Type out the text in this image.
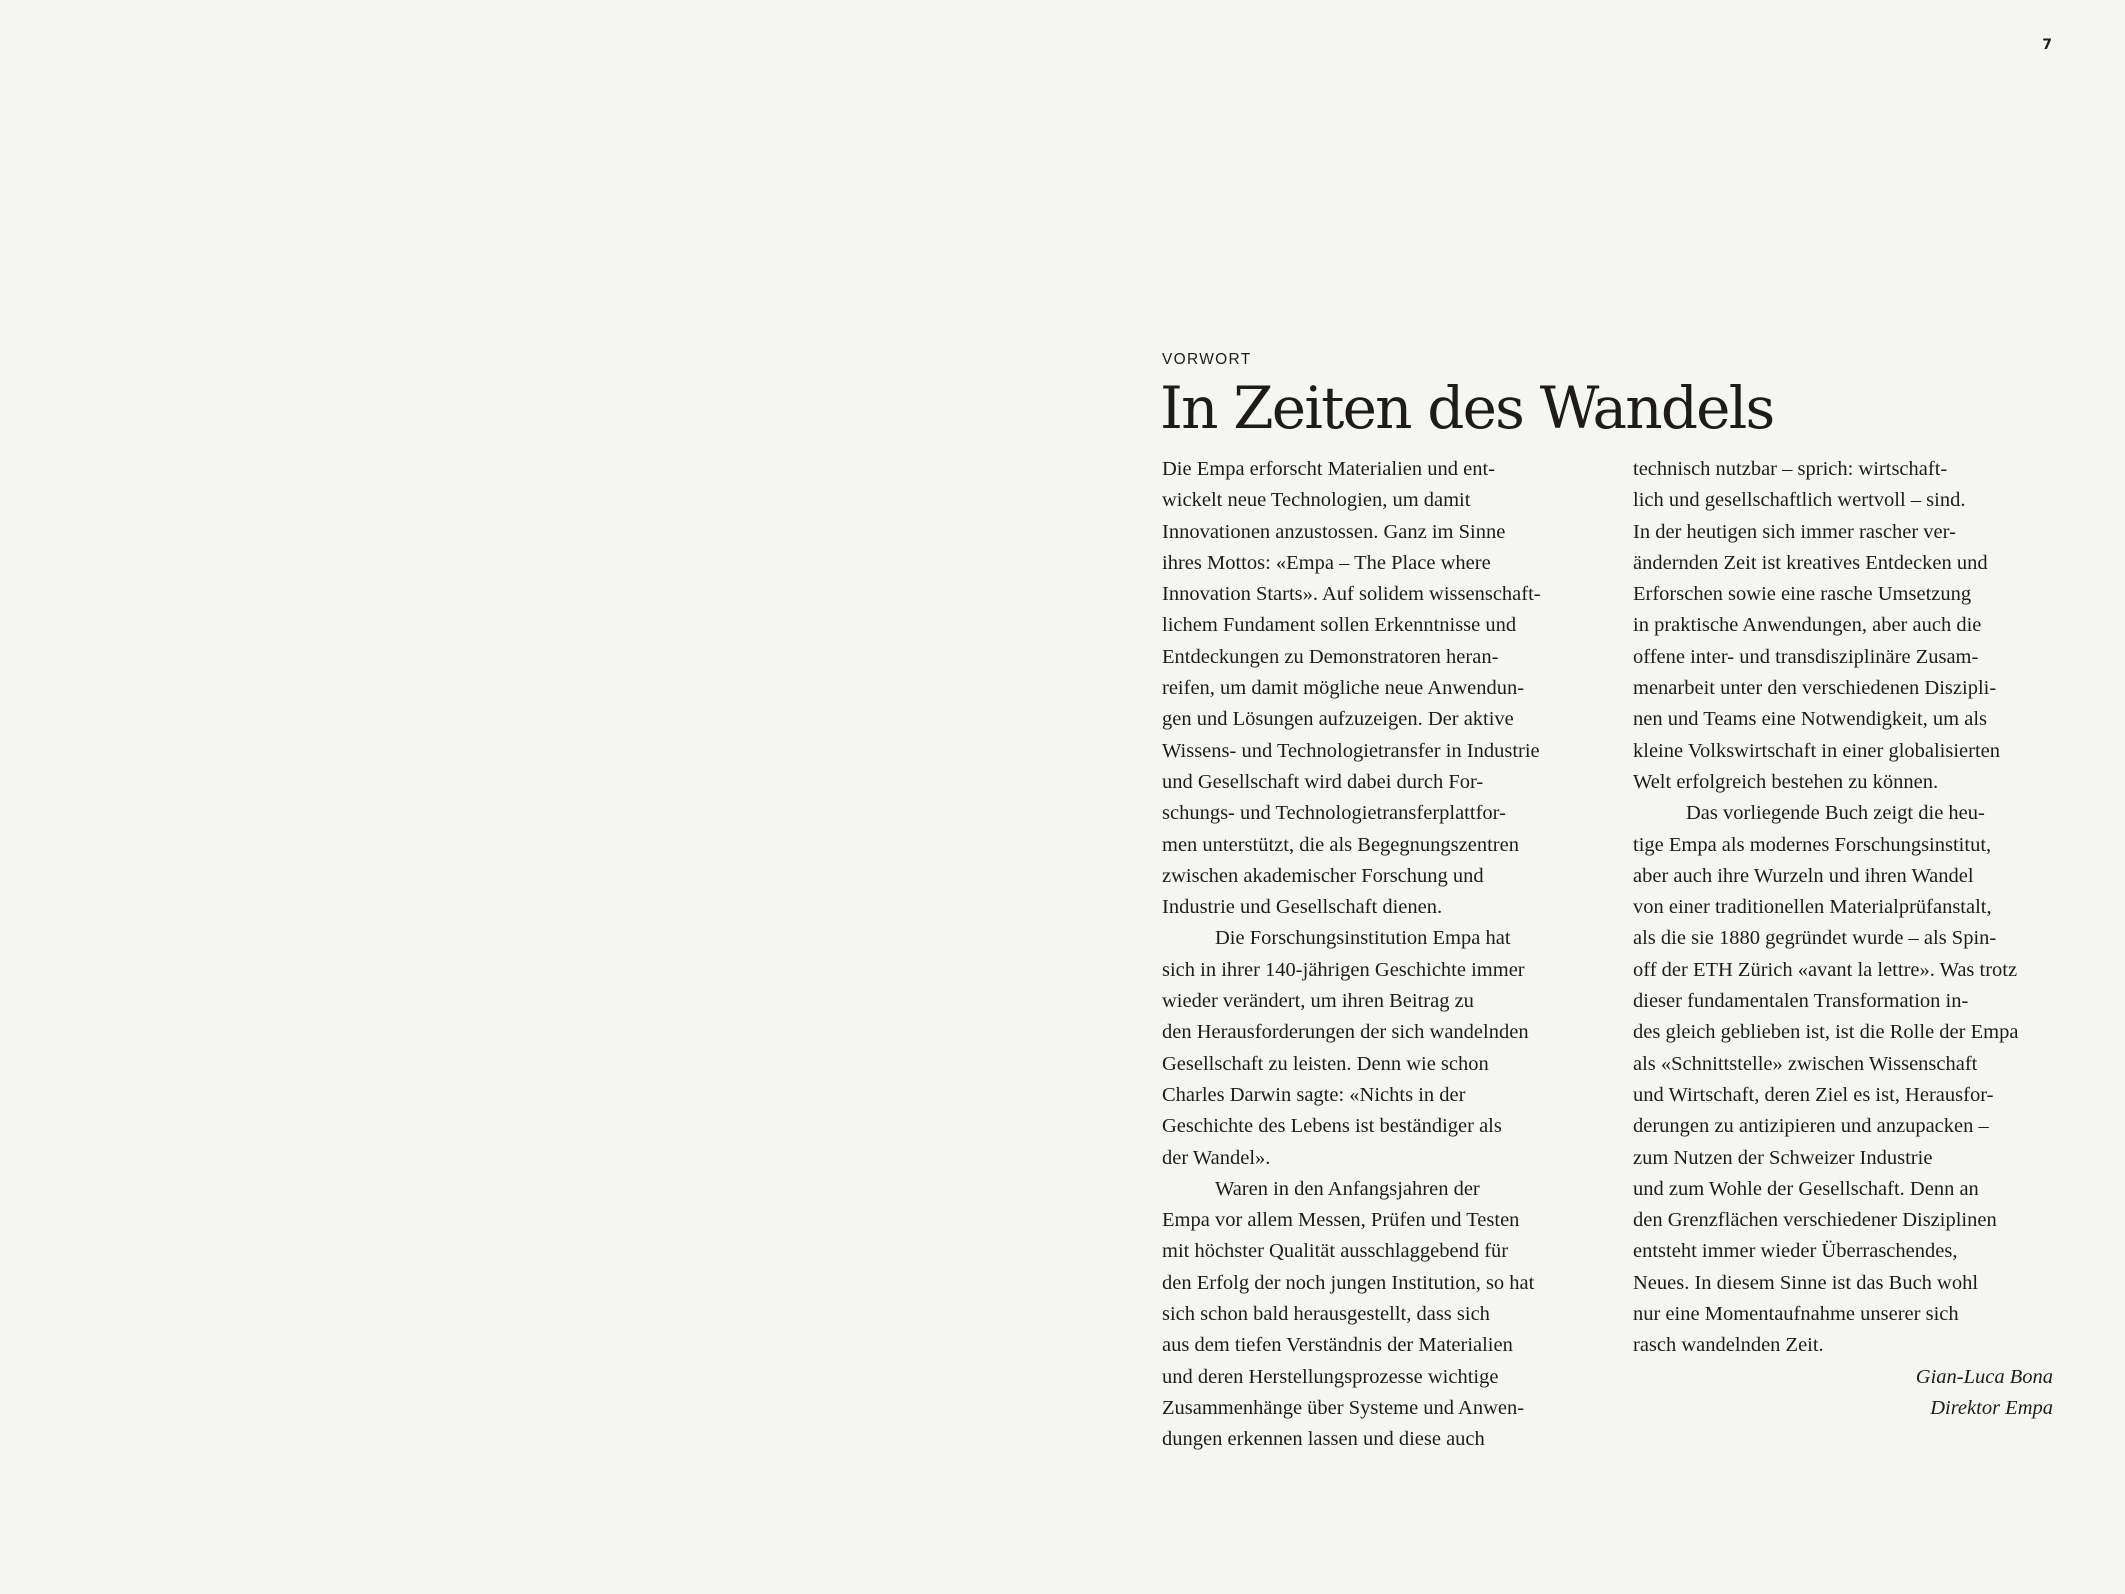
7
VORWORT
In Zeiten des Wandels
Die Empa erforscht Materialien und ent-
wickelt neue Technologien, um damit
Innovationen anzustossen. Ganz im Sinne
ihres Mottos: «Empa – The Place where
Innovation Starts». Auf solidem wissenschaft-
lichem Fundament sollen Erkenntnisse und
Entdeckungen zu Demonstratoren heran-
reifen, um damit mögliche neue Anwendun-
gen und Lösungen aufzuzeigen. Der aktive
Wissens- und Technologietransfer in Industrie
und Gesellschaft wird dabei durch For-
schungs- und Technologietransferplattfor-
men unterstützt, die als Begegnungszentren
zwischen akademischer Forschung und
Industrie und Gesellschaft dienen.
Die Forschungsinstitution Empa hat
sich in ihrer 140-jährigen Geschichte immer
wieder verändert, um ihren Beitrag zu
den Herausforderungen der sich wandelnden
Gesellschaft zu leisten. Denn wie schon
Charles Darwin sagte: «Nichts in der
Geschichte des Lebens ist beständiger als
der Wandel».
Waren in den Anfangsjahren der
Empa vor allem Messen, Prüfen und Testen
mit höchster Qualität ausschlaggebend für
den Erfolg der noch jungen Institution, so hat
sich schon bald herausgestellt, dass sich
aus dem tiefen Verständnis der Materialien
und deren Herstellungsprozesse wichtige
Zusammenhänge über Systeme und Anwen-
dungen erkennen lassen und diese auch
technisch nutzbar – sprich: wirtschaft-
lich und gesellschaftlich wertvoll – sind.
In der heutigen sich immer rascher ver-
ändernden Zeit ist kreatives Entdecken und
Erforschen sowie eine rasche Umsetzung
in praktische Anwendungen, aber auch die
offene inter- und transdisziplinäre Zusam-
menarbeit unter den verschiedenen Diszipli-
nen und Teams eine Notwendigkeit, um als
kleine Volkswirtschaft in einer globalisierten
Welt erfolgreich bestehen zu können.
Das vorliegende Buch zeigt die heu-
tige Empa als modernes Forschungsinstitut,
aber auch ihre Wurzeln und ihren Wandel
von einer traditionellen Materialprüfanstalt,
als die sie 1880 gegründet wurde – als Spin-
off der ETH Zürich «avant la lettre». Was trotz
dieser fundamentalen Transformation in-
des gleich geblieben ist, ist die Rolle der Empa
als «Schnittstelle» zwischen Wissenschaft
und Wirtschaft, deren Ziel es ist, Herausfor-
derungen zu antizipieren und anzupacken –
zum Nutzen der Schweizer Industrie
und zum Wohle der Gesellschaft. Denn an
den Grenzflächen verschiedener Disziplinen
entsteht immer wieder Überraschendes,
Neues. In diesem Sinne ist das Buch wohl
nur eine Momentaufnahme unserer sich
rasch wandelnden Zeit.
Gian-Luca Bona
Direktor Empa
